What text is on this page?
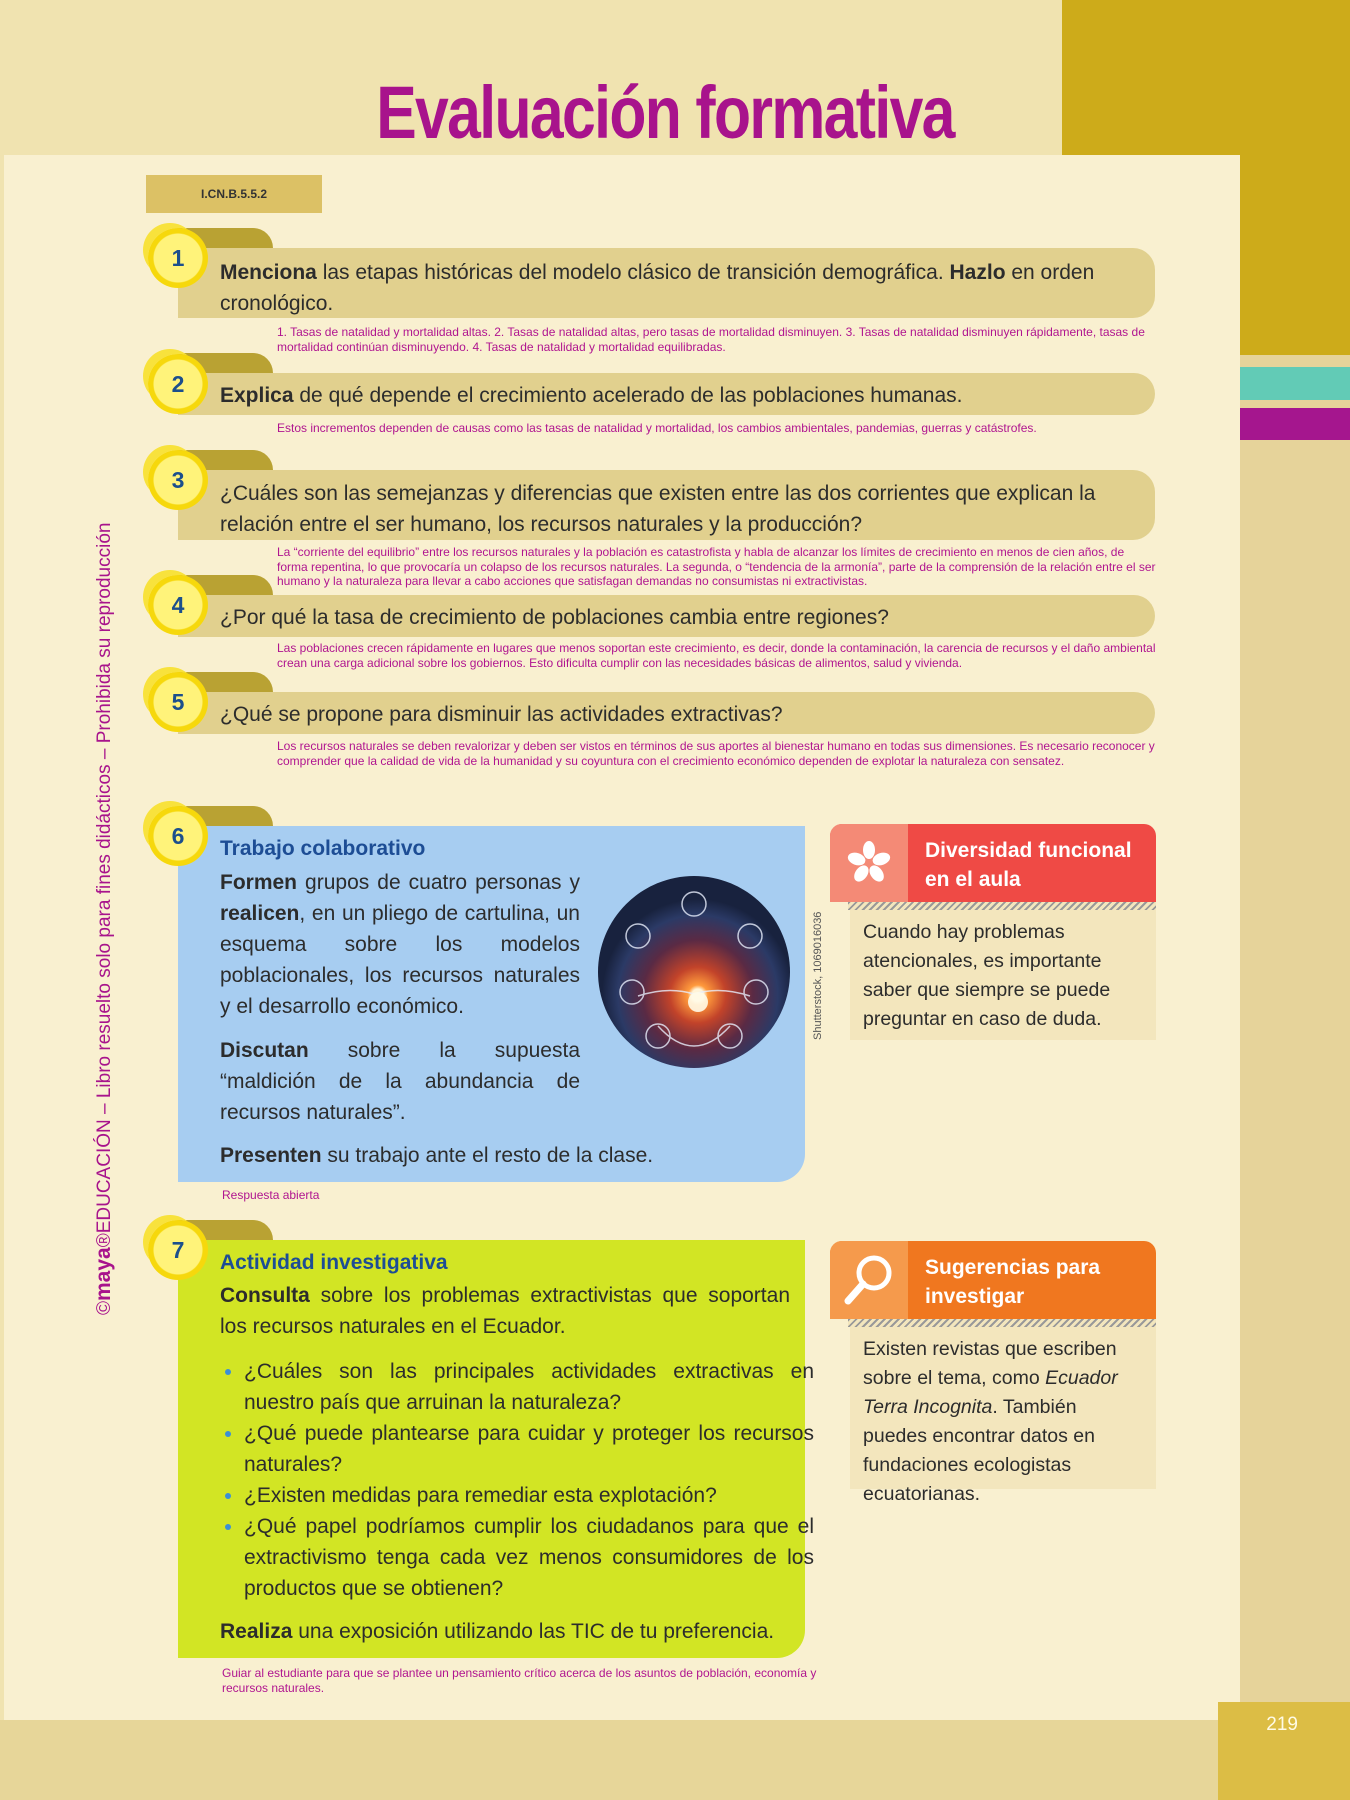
219
Evaluación formativa
I.CN.B.5.5.2
©maya®EDUCACIÓN – Libro resuelto solo para fines didácticos – Prohibida su reproducción
1
Menciona las etapas históricas del modelo clásico de transición demográfica. Hazlo en orden cronológico.
1. Tasas de natalidad y mortalidad altas. 2. Tasas de natalidad altas, pero tasas de mortalidad disminuyen. 3. Tasas de natalidad disminuyen rápidamente, tasas de mortalidad continúan disminuyendo. 4. Tasas de natalidad y mortalidad equilibradas.
2	Explica de qué depende el crecimiento acelerado de las poblaciones humanas.
Estos incrementos dependen de causas como las tasas de natalidad y mortalidad, los cambios ambientales, pandemias, guerras y catástrofes.
3
¿Cuáles son las semejanzas y diferencias que existen entre las dos corrientes que explican la relación entre el ser humano, los recursos naturales y la producción?
La “corriente del equilibrio” entre los recursos naturales y la población es catastrofista y habla de alcanzar los límites de crecimiento en menos de cien años, de forma repentina, lo que provocaría un colapso de los recursos naturales. La segunda, o “tendencia de la armonía”, parte de la comprensión de la relación entre el ser humano y la naturaleza para llevar a cabo acciones que satisfagan demandas no consumistas ni extractivistas.
4	¿Por qué la tasa de crecimiento de poblaciones cambia entre regiones?
Las poblaciones crecen rápidamente en lugares que menos soportan este crecimiento, es decir, donde la contaminación, la carencia de recursos y el daño ambiental crean una carga adicional sobre los gobiernos. Esto dificulta cumplir con las necesidades básicas de alimentos, salud y vivienda.
5	¿Qué se propone para disminuir las actividades extractivas?
Los recursos naturales se deben revalorizar y deben ser vistos en términos de sus aportes al bienestar humano en todas sus dimensiones. Es necesario reconocer y comprender que la calidad de vida de la humanidad y su coyuntura con el crecimiento económico dependen de explotar la naturaleza con sensatez.
6	Trabajo colaborativo
Formen grupos de cuatro personas y realicen, en un pliego de cartulina, un esquema sobre los modelos poblacionales, los recursos naturales y el desarrollo económico.
Discutan sobre la supuesta “maldición de la abundancia de recursos naturales”.
Presenten su trabajo ante el resto de la clase.
Shutterstock, 1069016036
Respuesta abierta
Diversidad funcional en el aula
Cuando hay problemas atencionales, es importante saber que siempre se puede preguntar en caso de duda.
7	Actividad investigativa
Consulta sobre los problemas extractivistas que soportan los recursos naturales en el Ecuador.
• ¿Cuáles son las principales actividades extractivas en nuestro país que arruinan la naturaleza?
• ¿Qué puede plantearse para cuidar y proteger los recursos naturales?
• ¿Existen medidas para remediar esta explotación?
• ¿Qué papel podríamos cumplir los ciudadanos para que el extractivismo tenga cada vez menos consumidores de los productos que se obtienen?
Realiza una exposición utilizando las TIC de tu preferencia.
Guiar al estudiante para que se plantee un pensamiento crítico acerca de los asuntos de población, economía y recursos naturales.
Sugerencias para investigar
Existen revistas que escriben sobre el tema, como Ecuador Terra Incognita. También puedes encontrar datos en fundaciones ecologistas ecuatorianas.
